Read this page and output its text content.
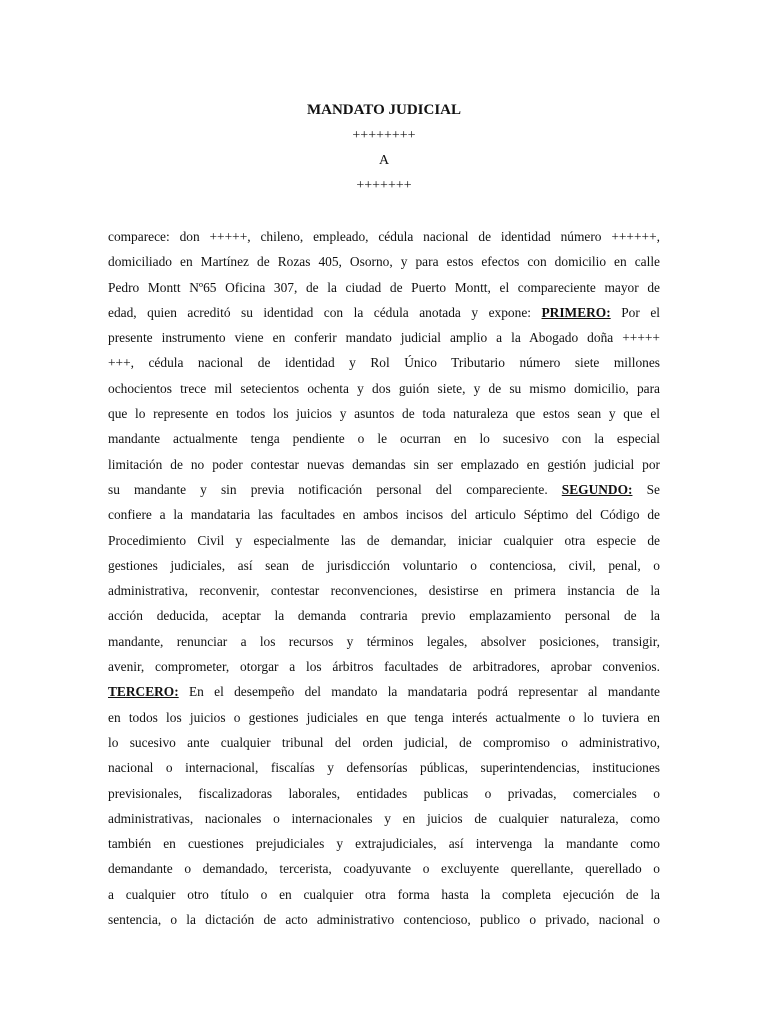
MANDATO JUDICIAL
++++++++
A
+++++++
comparece: don +++++, chileno, empleado, cédula nacional de identidad número ++++++,
domiciliado en Martínez de Rozas 405, Osorno, y para estos efectos con domicilio en calle
Pedro Montt Nº65 Oficina 307, de la ciudad de Puerto Montt, el compareciente mayor de
edad, quien acreditó su identidad con la cédula anotada y expone: PRIMERO: Por el
presente instrumento viene en conferir mandato judicial amplio a la Abogado doña +++++
+++, cédula nacional de identidad y Rol Único Tributario número siete millones
ochocientos trece mil setecientos ochenta y dos guión siete, y de su mismo domicilio, para
que lo represente en todos los juicios y asuntos de toda naturaleza que estos sean y que el
mandante actualmente tenga pendiente o le ocurran en lo sucesivo con la especial
limitación de no poder contestar nuevas demandas sin ser emplazado en gestión judicial por
su mandante y sin previa notificación personal del compareciente. SEGUNDO: Se
confiere a la mandataria las facultades en ambos incisos del articulo Séptimo del Código de
Procedimiento Civil y especialmente las de demandar, iniciar cualquier otra especie de
gestiones judiciales, así sean de jurisdicción voluntario o contenciosa, civil, penal, o
administrativa, reconvenir, contestar reconvenciones, desistirse en primera instancia de la
acción deducida, aceptar la demanda contraria previo emplazamiento personal de la
mandante, renunciar a los recursos y términos legales, absolver posiciones, transigir,
avenir, comprometer, otorgar a los árbitros facultades de arbitradores, aprobar convenios.
TERCERO: En el desempeño del mandato la mandataria podrá representar al mandante
en todos los juicios o gestiones judiciales en que tenga interés actualmente o lo tuviera en
lo sucesivo ante cualquier tribunal del orden judicial, de compromiso o administrativo,
nacional o internacional, fiscalías y defensorías públicas, superintendencias, instituciones
previsionales, fiscalizadoras laborales, entidades publicas o privadas, comerciales o
administrativas, nacionales o internacionales y en juicios de cualquier naturaleza, como
también en cuestiones prejudiciales y extrajudiciales, así intervenga la mandante como
demandante o demandado, tercerista, coadyuvante o excluyente querellante, querellado o
a cualquier otro título o en cualquier otra forma hasta la completa ejecución de la
sentencia, o la dictación de acto administrativo contencioso, publico o privado, nacional o
